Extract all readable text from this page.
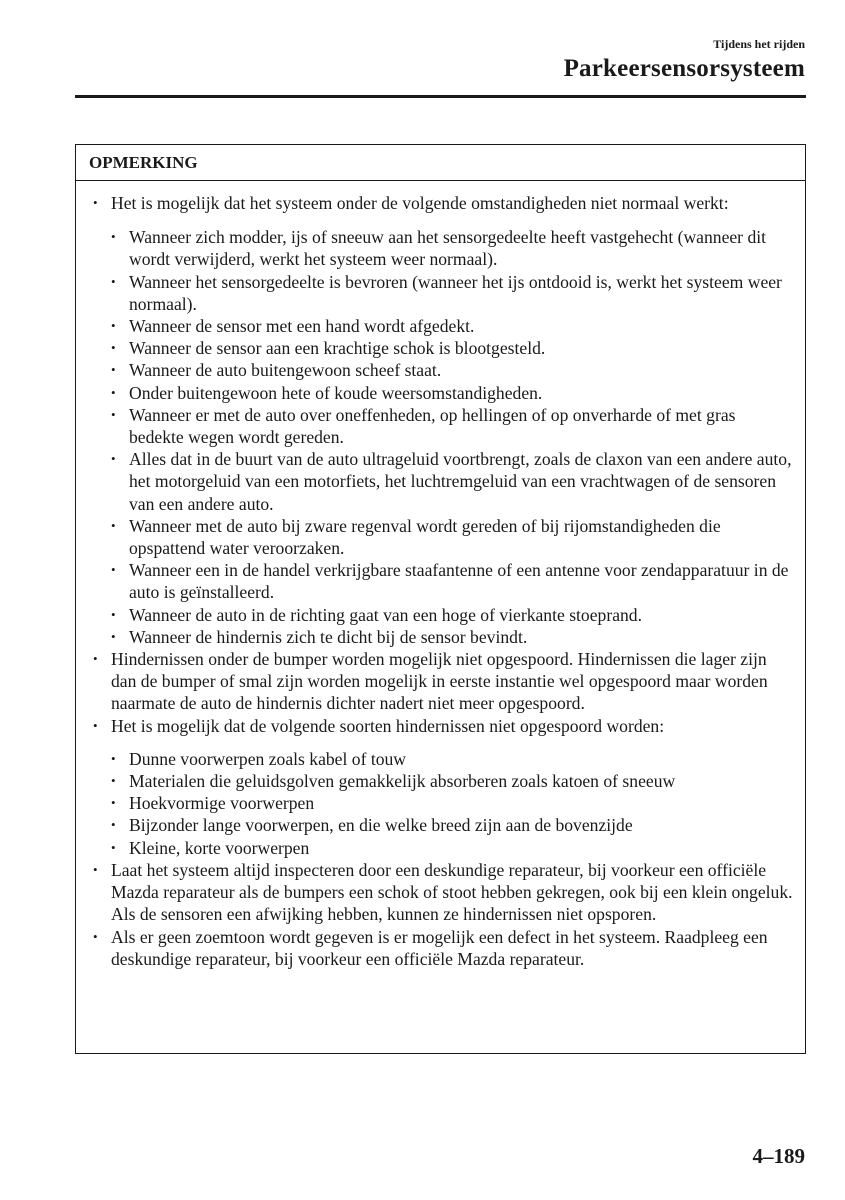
Tijdens het rijden
Parkeersensorsysteem
OPMERKING
• Het is mogelijk dat het systeem onder de volgende omstandigheden niet normaal werkt:
• Wanneer zich modder, ijs of sneeuw aan het sensorgedeelte heeft vastgehecht (wanneer dit wordt verwijderd, werkt het systeem weer normaal).
• Wanneer het sensorgedeelte is bevroren (wanneer het ijs ontdooid is, werkt het systeem weer normaal).
• Wanneer de sensor met een hand wordt afgedekt.
• Wanneer de sensor aan een krachtige schok is blootgesteld.
• Wanneer de auto buitengewoon scheef staat.
• Onder buitengewoon hete of koude weersomstandigheden.
• Wanneer er met de auto over oneffenheden, op hellingen of op onverharde of met gras bedekte wegen wordt gereden.
• Alles dat in de buurt van de auto ultrageluid voortbrengt, zoals de claxon van een andere auto, het motorgeluid van een motorfiets, het luchtremgeluid van een vrachtwagen of de sensoren van een andere auto.
• Wanneer met de auto bij zware regenval wordt gereden of bij rijomstandigheden die opspattend water veroorzaken.
• Wanneer een in de handel verkrijgbare staafantenne of een antenne voor zendapparatuur in de auto is geïnstalleerd.
• Wanneer de auto in de richting gaat van een hoge of vierkante stoeprand.
• Wanneer de hindernis zich te dicht bij de sensor bevindt.
• Hindernissen onder de bumper worden mogelijk niet opgespoord. Hindernissen die lager zijn dan de bumper of smal zijn worden mogelijk in eerste instantie wel opgespoord maar worden naarmate de auto de hindernis dichter nadert niet meer opgespoord.
• Het is mogelijk dat de volgende soorten hindernissen niet opgespoord worden:
• Dunne voorwerpen zoals kabel of touw
• Materialen die geluidsgolven gemakkelijk absorberen zoals katoen of sneeuw
• Hoekvormige voorwerpen
• Bijzonder lange voorwerpen, en die welke breed zijn aan de bovenzijde
• Kleine, korte voorwerpen
• Laat het systeem altijd inspecteren door een deskundige reparateur, bij voorkeur een officiële Mazda reparateur als de bumpers een schok of stoot hebben gekregen, ook bij een klein ongeluk. Als de sensoren een afwijking hebben, kunnen ze hindernissen niet opsporen.
• Als er geen zoemtoon wordt gegeven is er mogelijk een defect in het systeem. Raadpleeg een deskundige reparateur, bij voorkeur een officiële Mazda reparateur.
4–189
